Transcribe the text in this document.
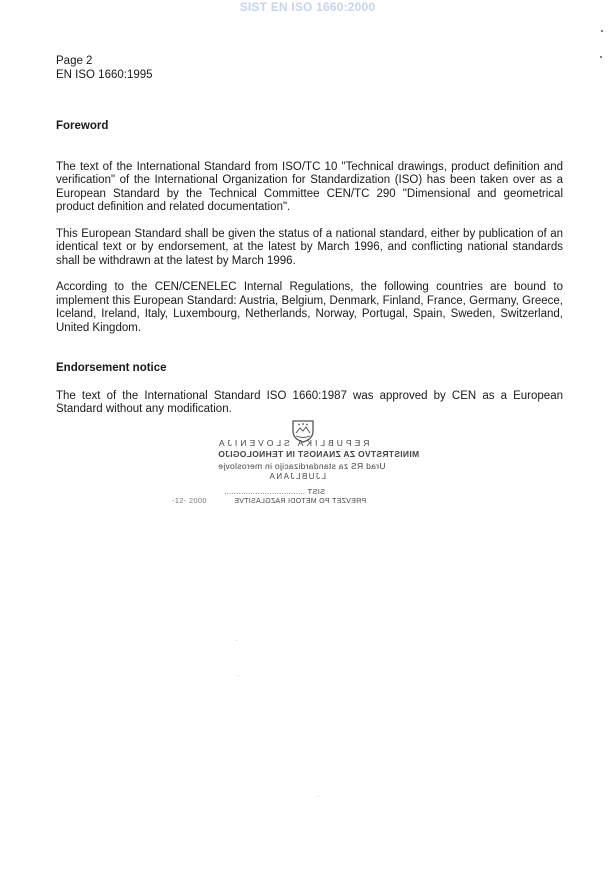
SIST EN ISO 1660:2000
Page 2
EN ISO 1660:1995

Foreword

The text of the International Standard from ISO/TC 10 "Technical drawings, product definition and verification" of the International Organization for Standardization (ISO) has been taken over as a European Standard by the Technical Committee CEN/TC 290 "Dimensional and geometrical product definition and related documentation".

This European Standard shall be given the status of a national standard, either by publication of an identical text or by endorsement, at the latest by March 1996, and conflicting national standards shall be withdrawn at the latest by March 1996.

According to the CEN/CENELEC Internal Regulations, the following countries are bound to implement this European Standard: Austria, Belgium, Denmark, Finland, France, Germany, Greece, Iceland, Ireland, Italy, Luxembourg, Netherlands, Norway, Portugal, Spain, Sweden, Switzerland, United Kingdom.

Endorsement notice

The text of the International Standard ISO 1660:1987 was approved by CEN as a European Standard without any modification.

REPUBLIKA SLOVENIJA
MINISTRSTVO ZA ZNANOST IN TEHNOLOGIJO
Urad RS za standardizacijo in meroslovje
LJUBLJANA
SIST ..................................
PREVZET PO METODI RAZGLASITVE
-12- 2000
